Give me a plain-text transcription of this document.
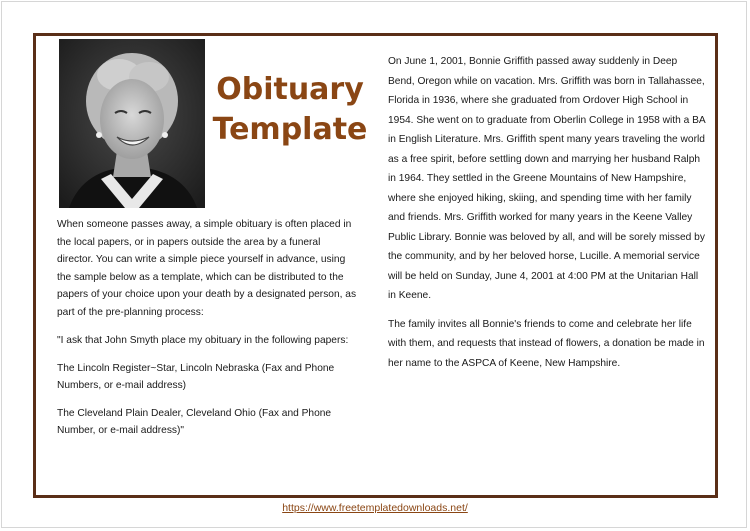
Obituary
Template

When someone passes away, a simple obituary is often placed in the local papers, or in papers outside the area by a funeral director. You can write a simple piece yourself in advance, using the sample below as a template, which can be distributed to the papers of your choice upon your death by a designated person, as part of the pre-planning process:

"I ask that John Smyth place my obituary in the following papers:

The Lincoln Register~Star, Lincoln Nebraska (Fax and Phone Numbers, or e-mail address)

The Cleveland Plain Dealer, Cleveland Ohio (Fax and Phone Number, or e-mail address)"

On June 1, 2001, Bonnie Griffith passed away suddenly in Deep Bend, Oregon while on vacation. Mrs. Griffith was born in Tallahassee, Florida in 1936, where she graduated from Ordover High School in 1954. She went on to graduate from Oberlin College in 1958 with a BA in English Literature. Mrs. Griffith spent many years traveling the world as a free spirit, before settling down and marrying her husband Ralph in 1964. They settled in the Greene Mountains of New Hampshire, where she enjoyed hiking, skiing, and spending time with her family and friends. Mrs. Griffith worked for many years in the Keene Valley Public Library. Bonnie was beloved by all, and will be sorely missed by the community, and by her beloved horse, Lucille. A memorial service will be held on Sunday, June 4, 2001 at 4:00 PM at the Unitarian Hall in Keene.

The family invites all Bonnie's friends to come and celebrate her life with them, and requests that instead of flowers, a donation be made in her name to the ASPCA of Keene, New Hampshire.

https://www.freetemplatedownloads.net/
